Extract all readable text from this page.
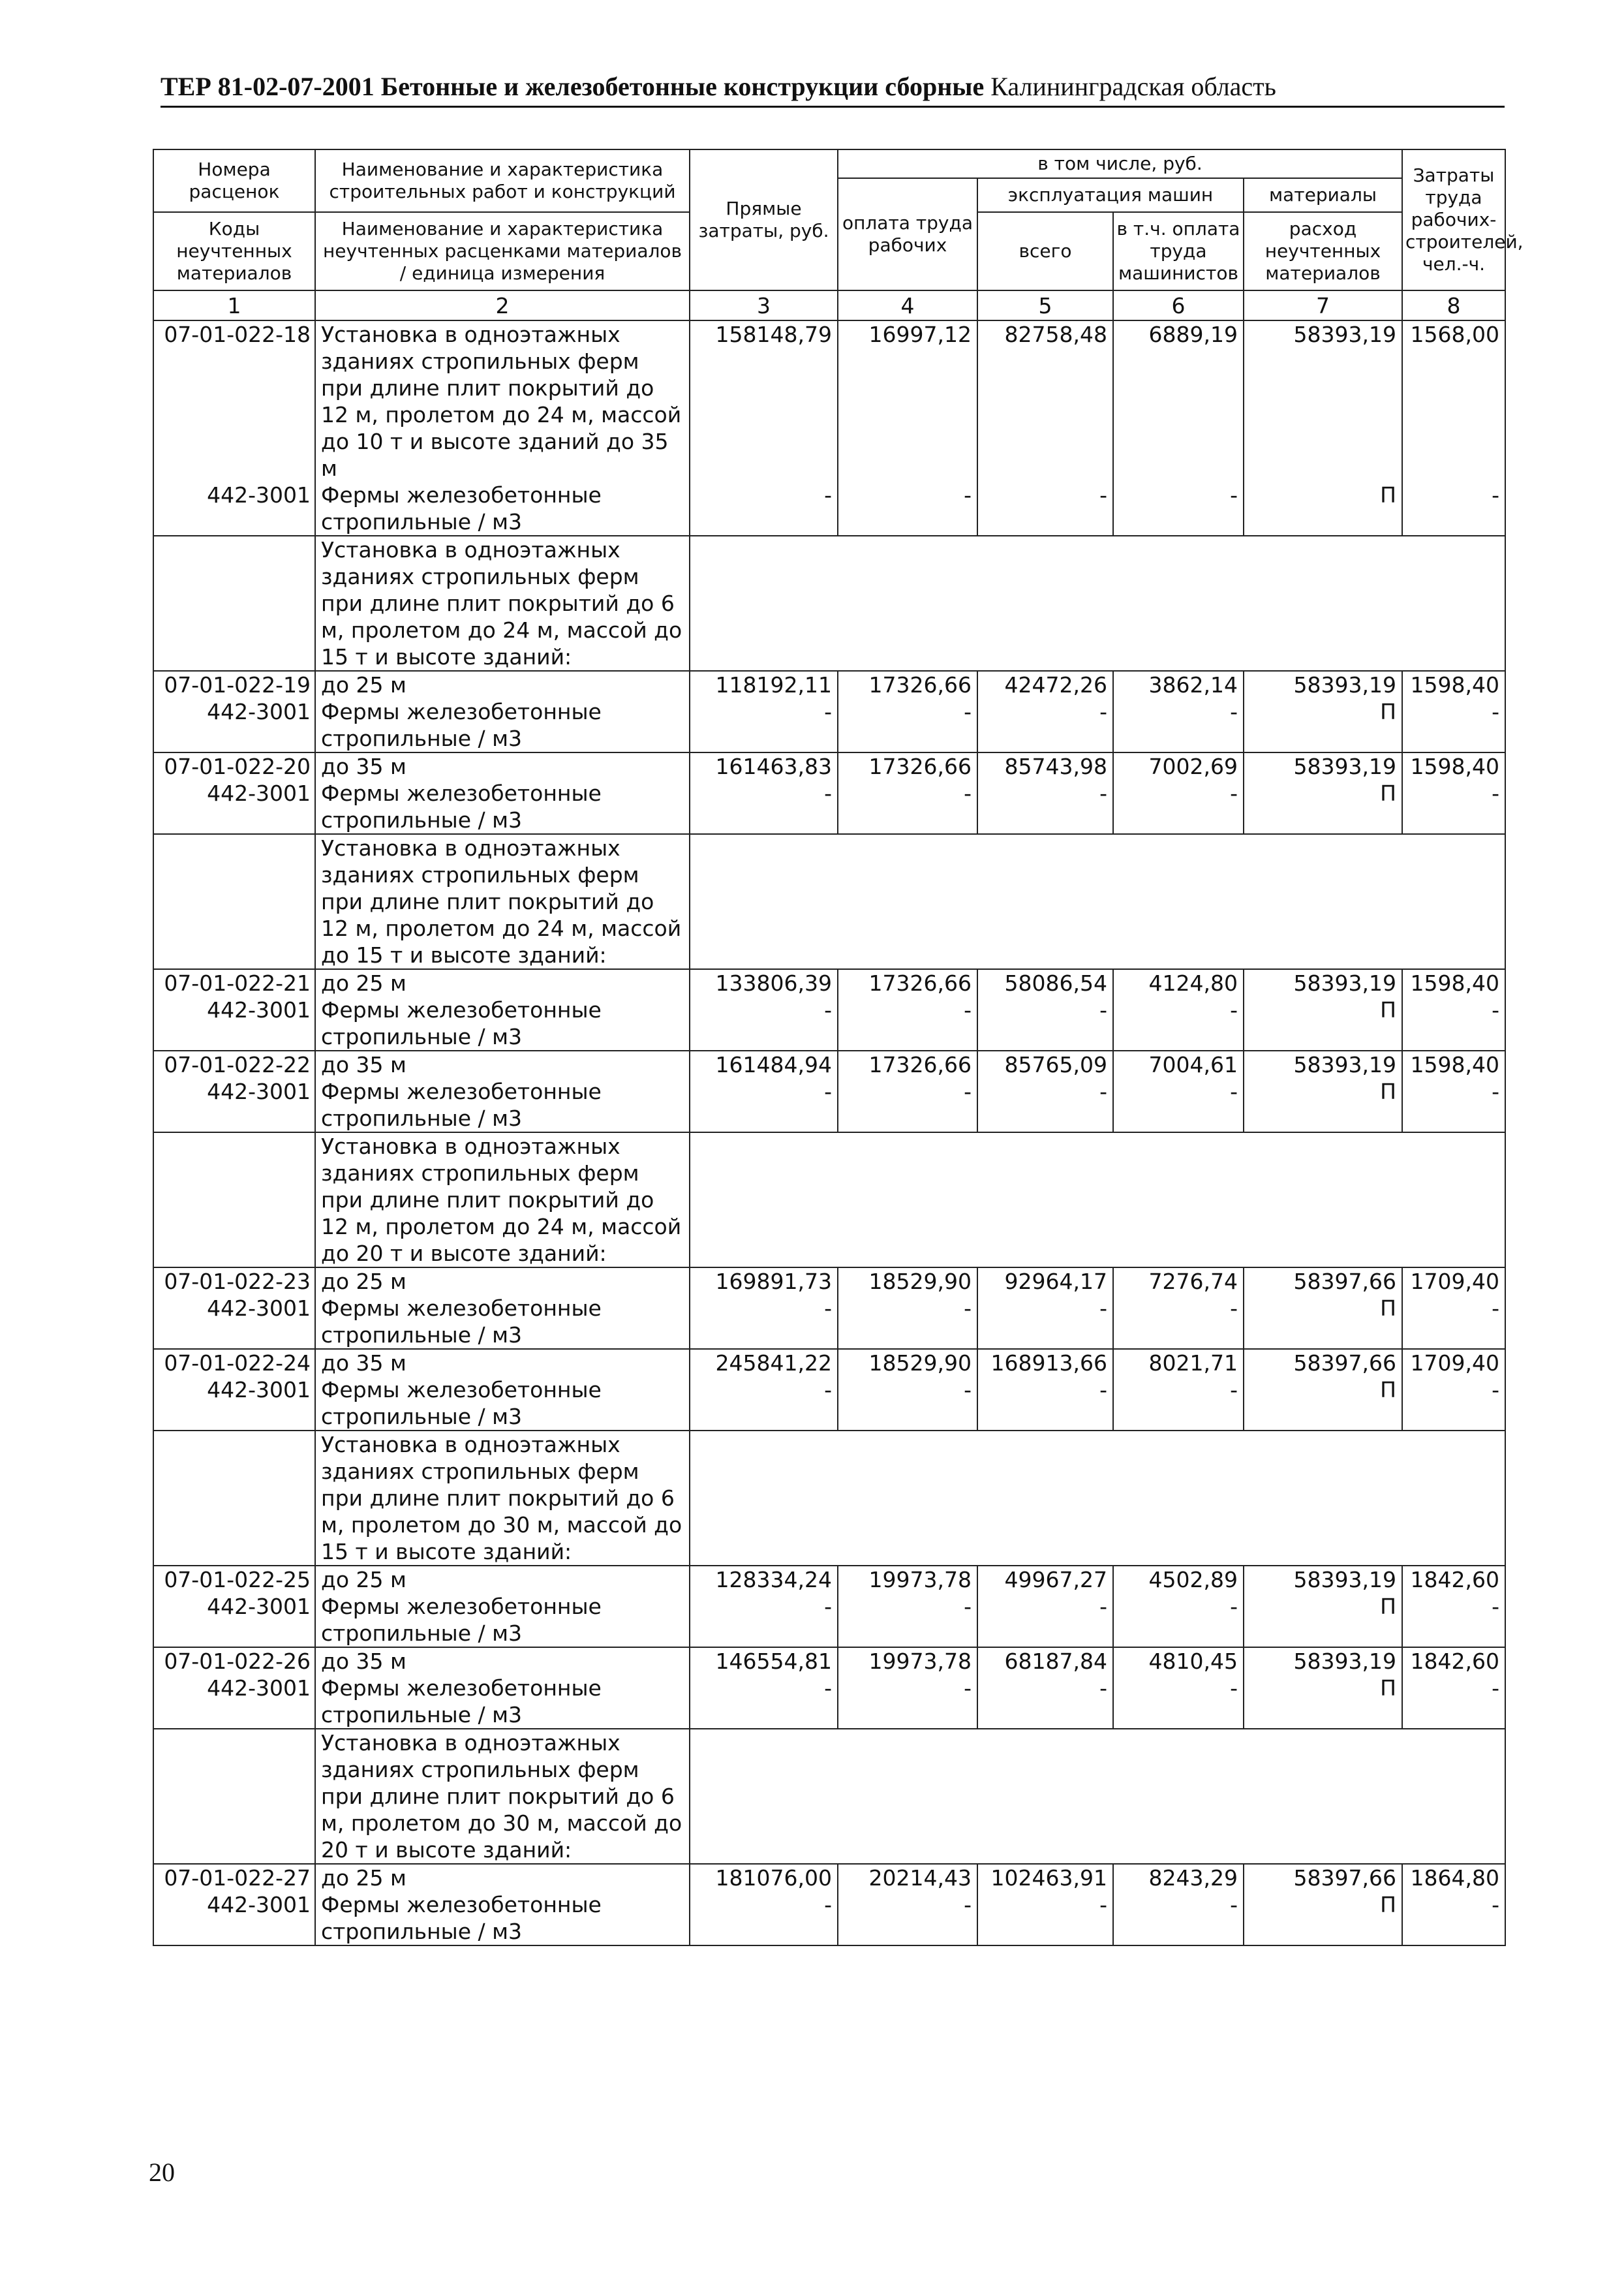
ТЕР 81-02-07-2001 Бетонные и железобетонные конструкции сборные Калининградская область
Номера расценок	Наименование и характеристика строительных работ и конструкций	Прямые затраты, руб.	в том числе, руб.				Затраты труда рабочих-строителей, чел.-ч.
			оплата труда рабочих	эксплуатация машин		материалы	
Коды неучтенных материалов	Наименование и характеристика неучтенных расценками материалов / единица измерения			всего	в т.ч. оплата труда машинистов	расход неучтенных материалов	

1	2	3	4	5	6	7	8
07-01-022-18	Установка в одноэтажных зданиях стропильных ферм при длине плит покрытий до 12 м, пролетом до 24 м, массой до 10 т и высоте зданий до 35 м	158148,79	16997,12	82758,48	6889,19	58393,19	1568,00
442-3001	Фермы железобетонные стропильные / м3	-	-	-	-	П	-
	Установка в одноэтажных зданиях стропильных ферм при длине плит покрытий до 6 м, пролетом до 24 м, массой до 15 т и высоте зданий:						
07-01-022-19	до 25 м	118192,11	17326,66	42472,26	3862,14	58393,19	1598,40
442-3001	Фермы железобетонные стропильные / м3	-	-	-	-	П	-
07-01-022-20	до 35 м	161463,83	17326,66	85743,98	7002,69	58393,19	1598,40
442-3001	Фермы железобетонные стропильные / м3	-	-	-	-	П	-
	Установка в одноэтажных зданиях стропильных ферм при длине плит покрытий до 12 м, пролетом до 24 м, массой до 15 т и высоте зданий:						
07-01-022-21	до 25 м	133806,39	17326,66	58086,54	4124,80	58393,19	1598,40
442-3001	Фермы железобетонные стропильные / м3	-	-	-	-	П	-
07-01-022-22	до 35 м	161484,94	17326,66	85765,09	7004,61	58393,19	1598,40
442-3001	Фермы железобетонные стропильные / м3	-	-	-	-	П	-
	Установка в одноэтажных зданиях стропильных ферм при длине плит покрытий до 12 м, пролетом до 24 м, массой до 20 т и высоте зданий:						
07-01-022-23	до 25 м	169891,73	18529,90	92964,17	7276,74	58397,66	1709,40
442-3001	Фермы железобетонные стропильные / м3	-	-	-	-	П	-
07-01-022-24	до 35 м	245841,22	18529,90	168913,66	8021,71	58397,66	1709,40
442-3001	Фермы железобетонные стропильные / м3	-	-	-	-	П	-
	Установка в одноэтажных зданиях стропильных ферм при длине плит покрытий до 6 м, пролетом до 30 м, массой до 15 т и высоте зданий:						
07-01-022-25	до 25 м	128334,24	19973,78	49967,27	4502,89	58393,19	1842,60
442-3001	Фермы железобетонные стропильные / м3	-	-	-	-	П	-
07-01-022-26	до 35 м	146554,81	19973,78	68187,84	4810,45	58393,19	1842,60
442-3001	Фермы железобетонные стропильные / м3	-	-	-	-	П	-
	Установка в одноэтажных зданиях стропильных ферм при длине плит покрытий до 6 м, пролетом до 30 м, массой до 20 т и высоте зданий:						
07-01-022-27	до 25 м	181076,00	20214,43	102463,91	8243,29	58397,66	1864,80
442-3001	Фермы железобетонные стропильные / м3	-	-	-	-	П	-
20
